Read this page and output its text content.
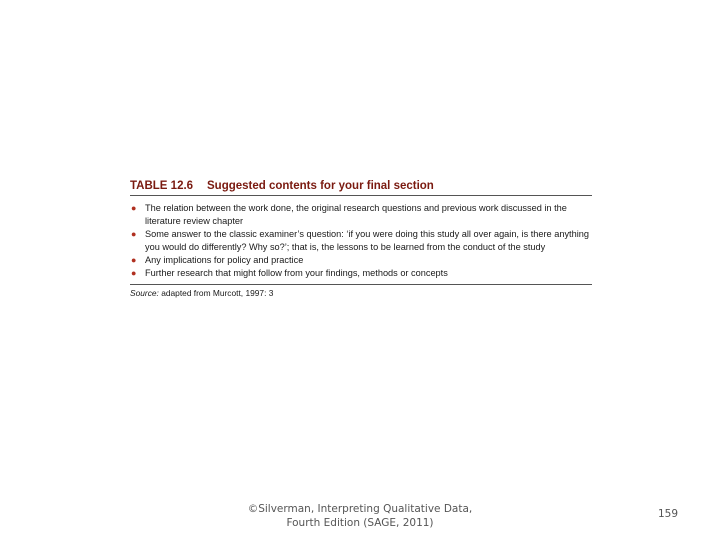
TABLE 12.6 Suggested contents for your final section
● The relation between the work done, the original research questions and previous work discussed in the literature review chapter
● Some answer to the classic examiner’s question: ‘if you were doing this study all over again, is there anything you would do differently? Why so?’; that is, the lessons to be learned from the conduct of the study
● Any implications for policy and practice
● Further research that might follow from your findings, methods or concepts
Source: adapted from Murcott, 1997: 3
©Silverman, Interpreting Qualitative Data,
Fourth Edition (SAGE, 2011)
159
